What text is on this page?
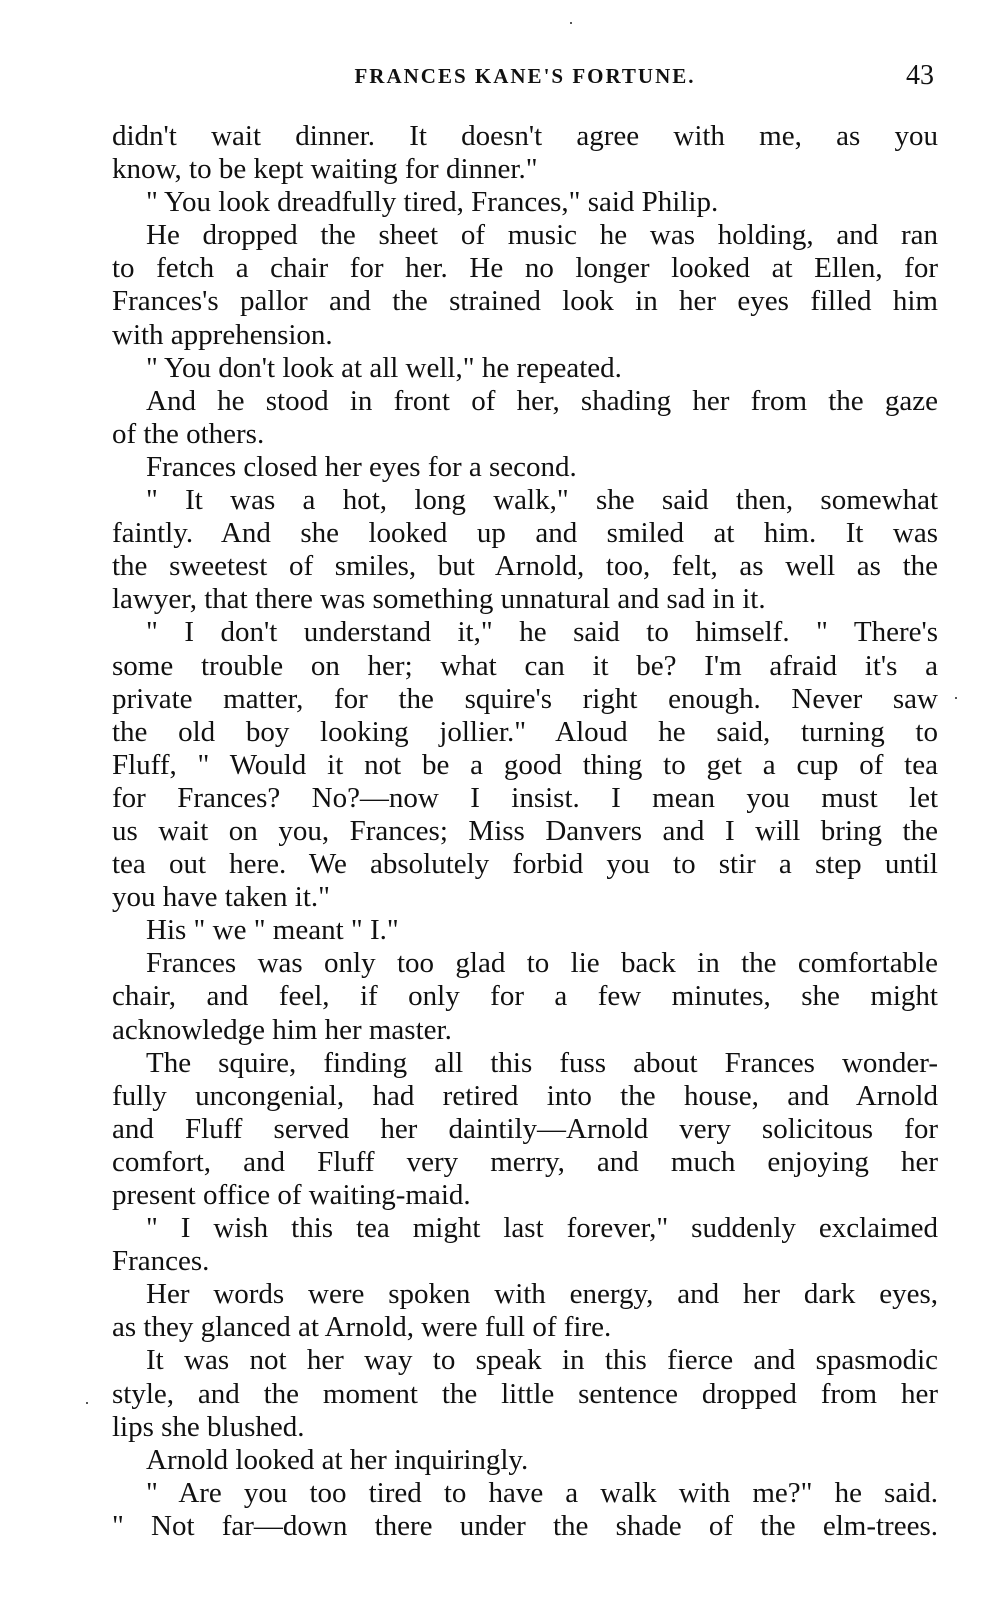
FRANCES KANE'S FORTUNE.	43
didn't wait dinner. It doesn't agree with me, as you
know, to be kept waiting for dinner."
" You look dreadfully tired, Frances," said Philip.
He dropped the sheet of music he was holding, and ran
to fetch a chair for her. He no longer looked at Ellen, for
Frances's pallor and the strained look in her eyes filled him
with apprehension.
" You don't look at all well," he repeated.
And he stood in front of her, shading her from the gaze
of the others.
Frances closed her eyes for a second.
" It was a hot, long walk," she said then, somewhat
faintly. And she looked up and smiled at him. It was
the sweetest of smiles, but Arnold, too, felt, as well as the
lawyer, that there was something unnatural and sad in it.
" I don't understand it," he said to himself. " There's
some trouble on her; what can it be? I'm afraid it's a
private matter, for the squire's right enough. Never saw
the old boy looking jollier." Aloud he said, turning to
Fluff, " Would it not be a good thing to get a cup of tea
for Frances? No?—now I insist. I mean you must let
us wait on you, Frances; Miss Danvers and I will bring the
tea out here. We absolutely forbid you to stir a step until
you have taken it."
His " we " meant " I."
Frances was only too glad to lie back in the comfortable
chair, and feel, if only for a few minutes, she might
acknowledge him her master.
The squire, finding all this fuss about Frances wonder-
fully uncongenial, had retired into the house, and Arnold
and Fluff served her daintily—Arnold very solicitous for
comfort, and Fluff very merry, and much enjoying her
present office of waiting-maid.
" I wish this tea might last forever," suddenly exclaimed
Frances.
Her words were spoken with energy, and her dark eyes,
as they glanced at Arnold, were full of fire.
It was not her way to speak in this fierce and spasmodic
style, and the moment the little sentence dropped from her
lips she blushed.
Arnold looked at her inquiringly.
" Are you too tired to have a walk with me?" he said.
" Not far—down there under the shade of the elm-trees.
